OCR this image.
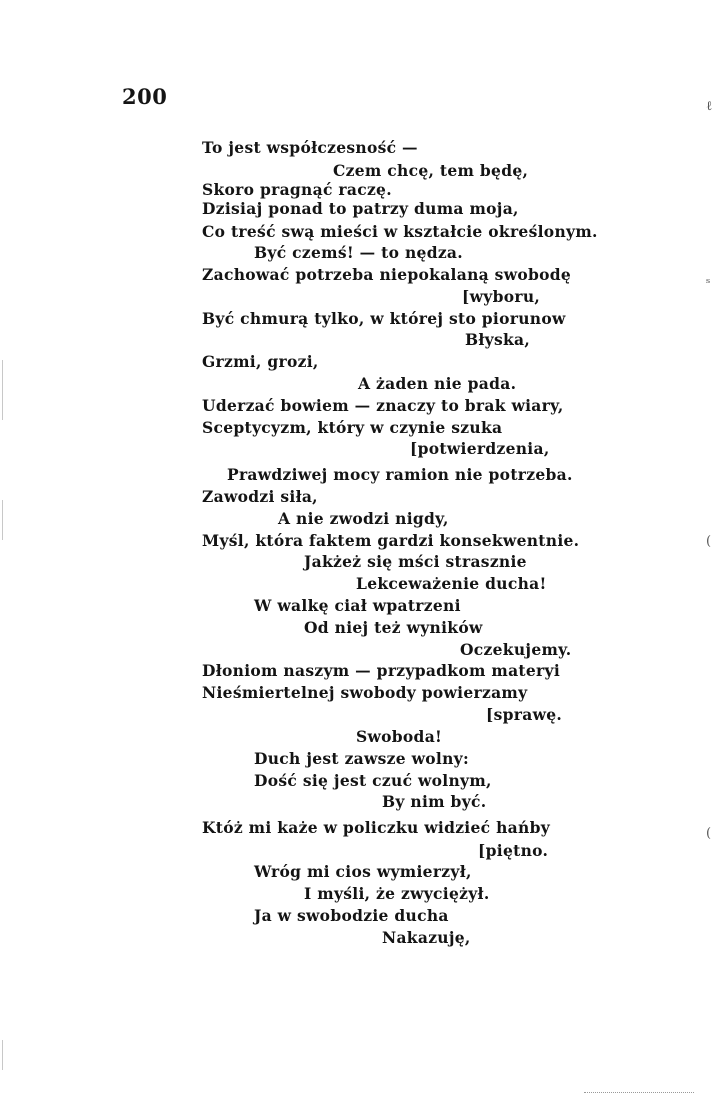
200
To jest współczesność —
Czem chcę, tem będę,
Skoro pragnąć raczę.
Dzisiaj ponad to patrzy duma moja,
Co treść swą mieści w kształcie określonym.
Być czemś! — to nędza.
Zachować potrzeba niepokalaną swobodę
[wyboru,
Być chmurą tylko, w której sto piorunow
Błyska,
Grzmi, grozi,
A żaden nie pada.
Uderzać bowiem — znaczy to brak wiary,
Sceptycyzm, który w czynie szuka
[potwierdzenia,
Prawdziwej mocy ramion nie potrzeba.
Zawodzi siła,
A nie zwodzi nigdy,
Myśl, która faktem gardzi konsekwentnie.
Jakżeż się mści strasznie
Lekceważenie ducha!
W walkę ciał wpatrzeni
Od niej też wyników
Oczekujemy.
Dłoniom naszym — przypadkom materyi
Nieśmiertelnej swobody powierzamy
[sprawę.
Swoboda!
Duch jest zawsze wolny:
Dość się jest czuć wolnym,
By nim być.
Któż mi każe w policzku widzieć hańby
[piętno.
Wróg mi cios wymierzył,
I myśli, że zwyciężył.
Ja w swobodzie ducha
Nakazuję,
ℓ
ˢ
(
(
